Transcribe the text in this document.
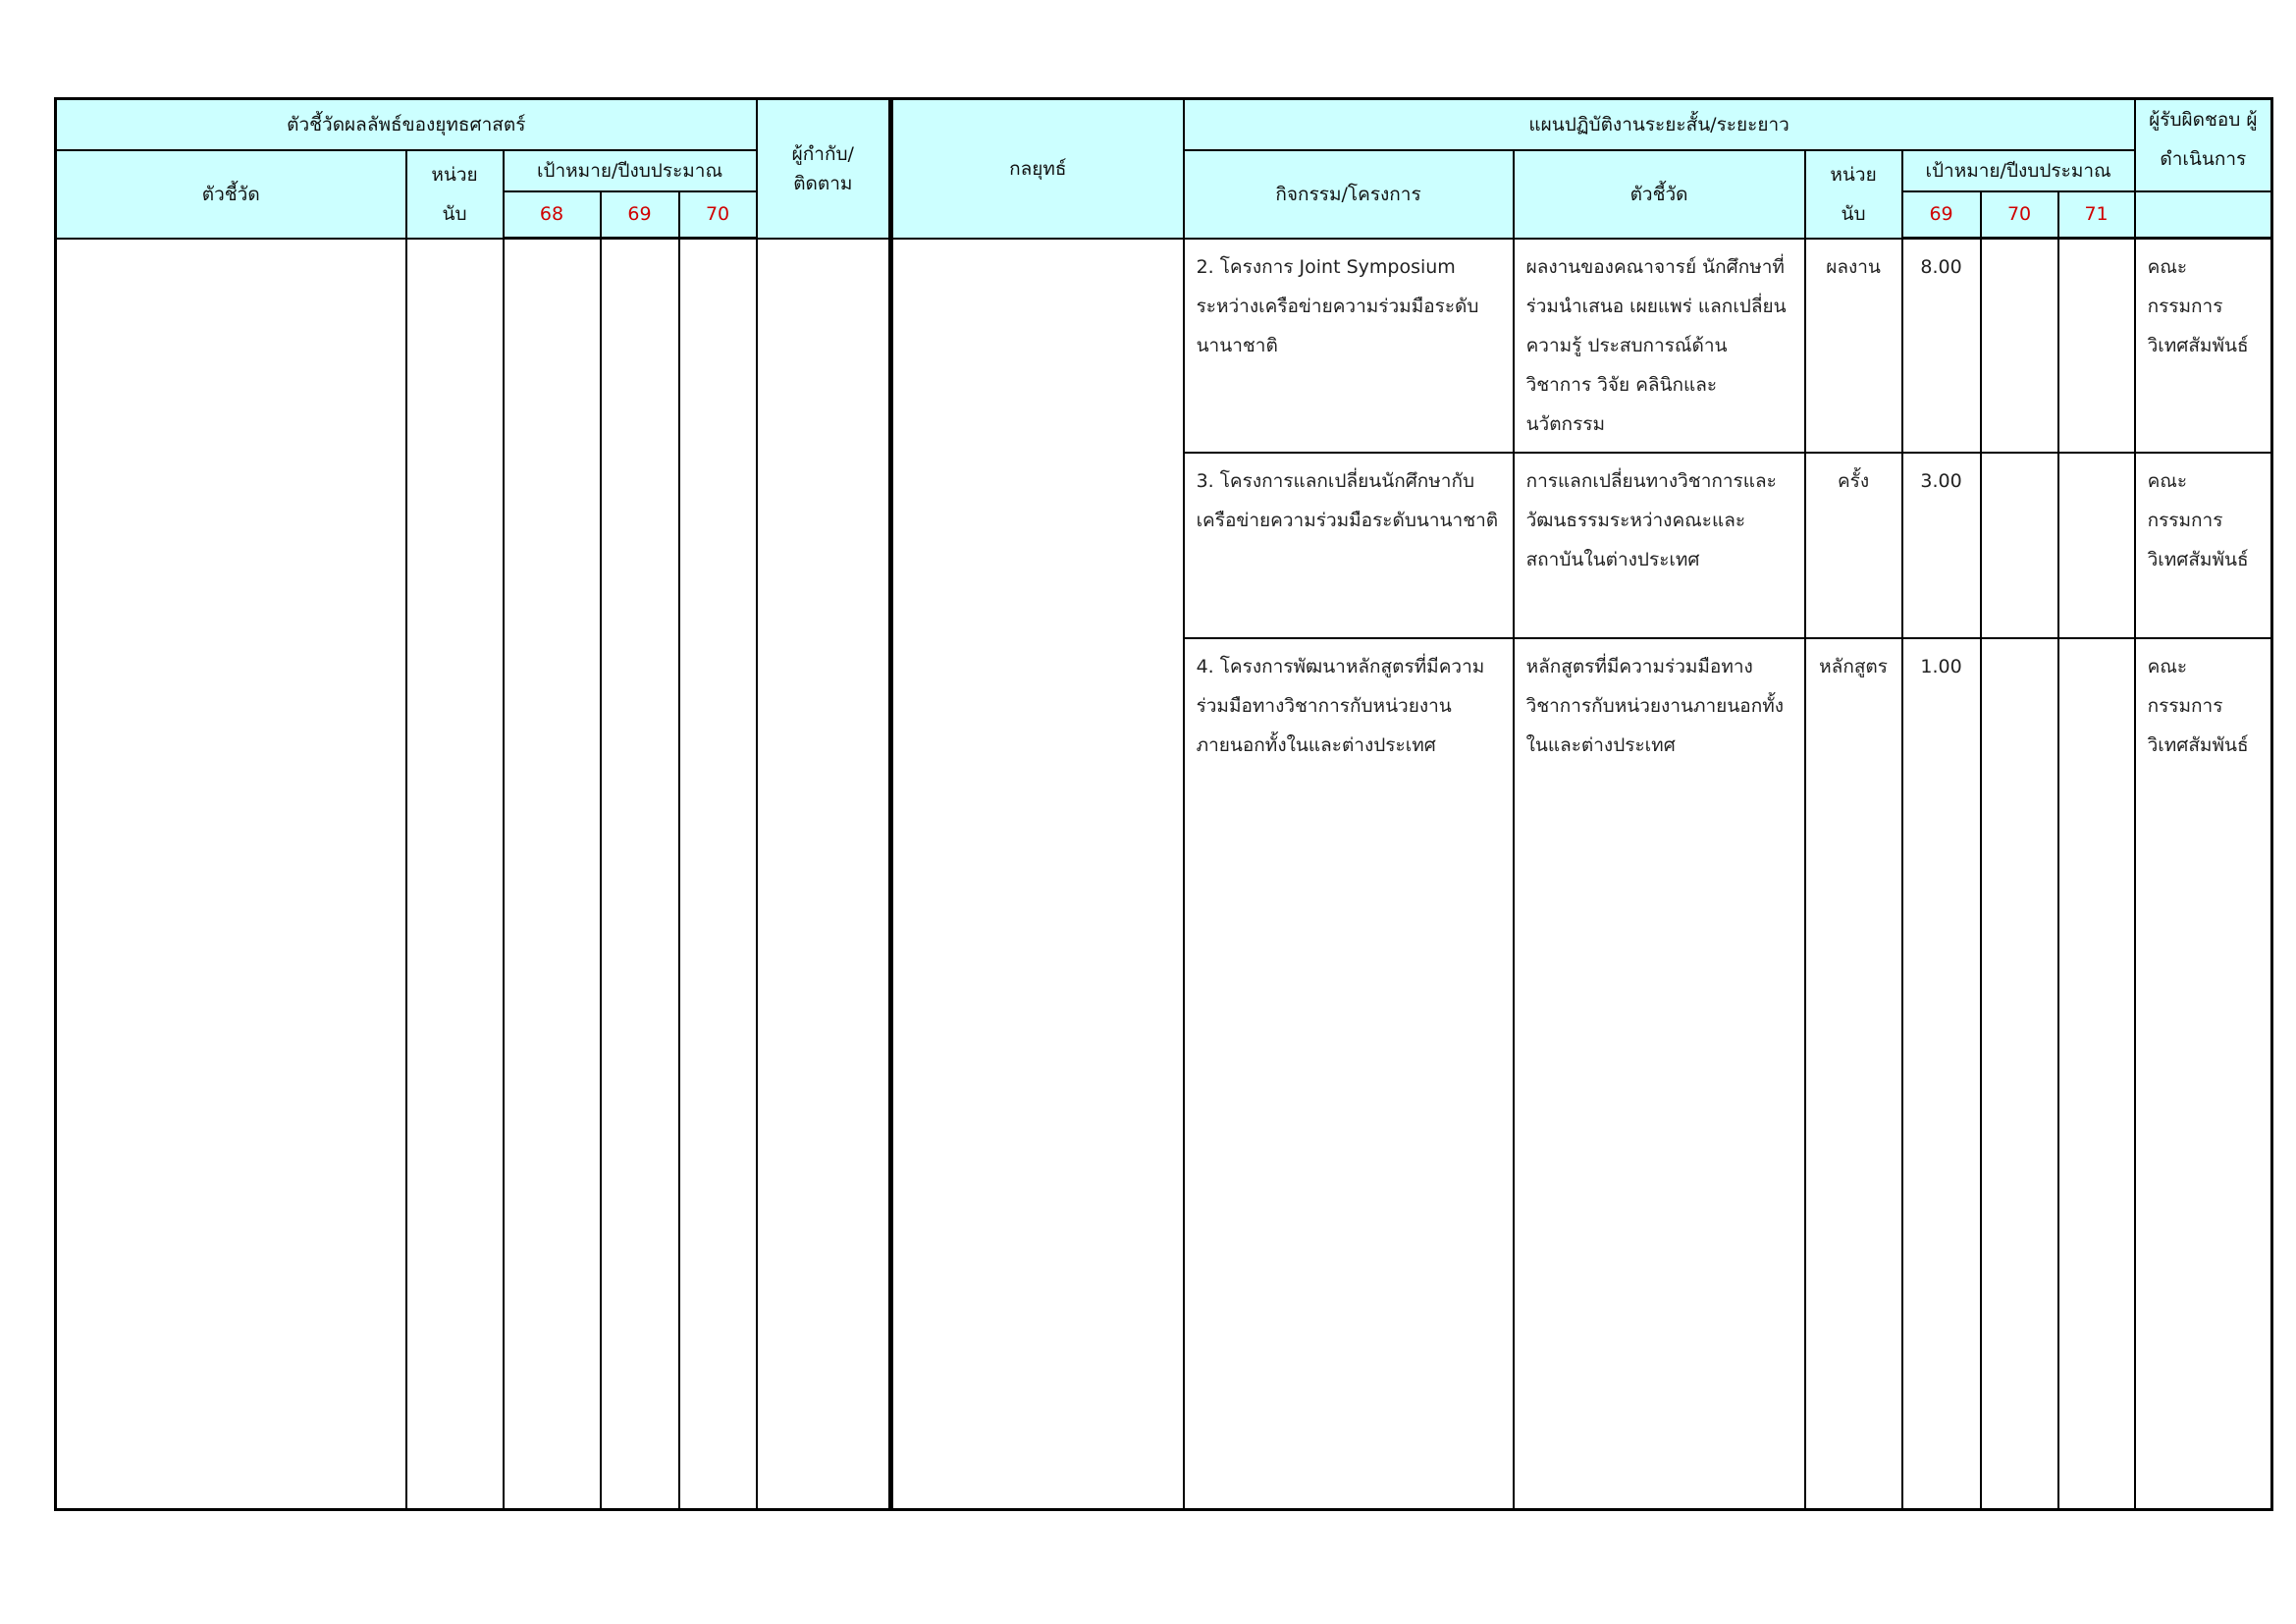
ตัวชี้วัดผลลัพธ์ของยุทธศาสตร์					ผู้กำกับ/ติดตาม	กลยุทธ์	แผนปฏิบัติงานระยะสั้น/ระยะยาว						ผู้รับผิดชอบ ผู้ดำเนินการ
ตัวชี้วัด	หน่วยนับ	เป้าหมาย/ปีงบประมาณ					กิจกรรม/โครงการ	ตัวชี้วัด	หน่วยนับ	เป้าหมาย/ปีงบประมาณ			
		68	69	70						69	70	71	
							2. โครงการ Joint Symposium ระหว่างเครือข่ายความร่วมมือระดับนานาชาติ	ผลงานของคณาจารย์ นักศึกษาที่ร่วมนำเสนอ เผยแพร่ แลกเปลี่ยนความรู้ ประสบการณ์ด้านวิชาการ วิจัย คลินิกและนวัตกรรม	ผลงาน	8.00			คณะกรรมการวิเทศสัมพันธ์
							3. โครงการแลกเปลี่ยนนักศึกษากับเครือข่ายความร่วมมือระดับนานาชาติ	การแลกเปลี่ยนทางวิชาการและวัฒนธรรมระหว่างคณะและสถาบันในต่างประเทศ	ครั้ง	3.00			คณะกรรมการวิเทศสัมพันธ์
							4. โครงการพัฒนาหลักสูตรที่มีความร่วมมือทางวิชาการกับหน่วยงานภายนอกทั้งในและต่างประเทศ	หลักสูตรที่มีความร่วมมือทางวิชาการกับหน่วยงานภายนอกทั้งในและต่างประเทศ	หลักสูตร	1.00			คณะกรรมการวิเทศสัมพันธ์
